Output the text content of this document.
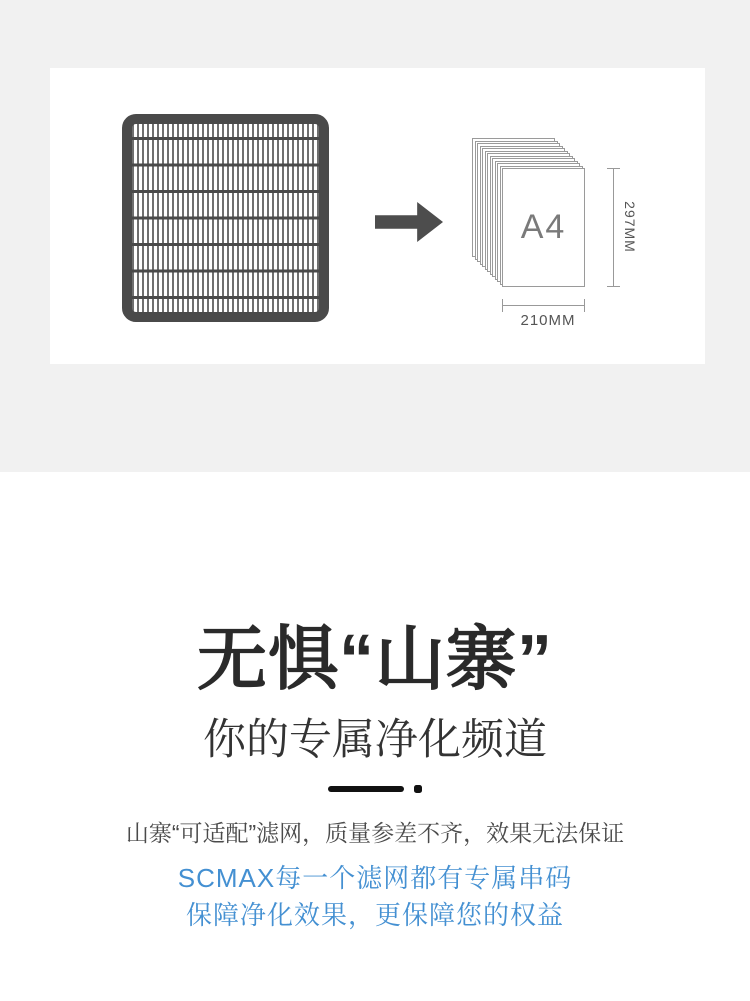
A4	297MM
210MM
无惧“山寨”
你的专属净化频道
山寨“可适配”滤网，质量参差不齐，效果无法保证
SCMAX每一个滤网都有专属串码
保障净化效果，更保障您的权益
